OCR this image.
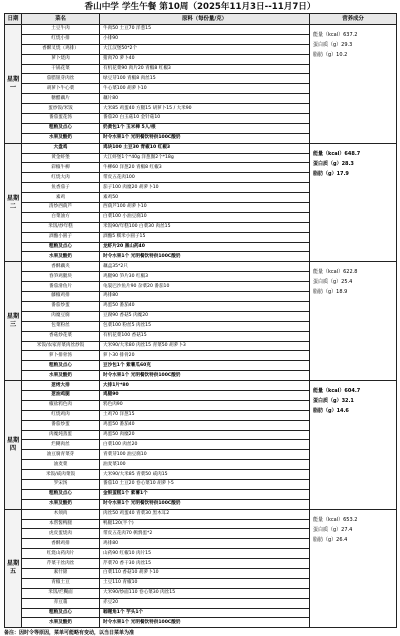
香山中学 学生午餐 第10周（2025年11月3日--11月7日）
日期	菜名	原料（每份量/克）	营养成分
星期一	土豆牛肉	牛肉50 土豆70 洋葱15	能量（kcal）637.2
蛋白质（g）29.3
脂肪（g）10.2

	红烧小排	小排90	
	香酥叉烧（鸡排）	大江汉堡50*2个	
	萝卜烧肉	猪肉70 萝卜40	
	干锅花菜	有机花菜90 肉片20 青椒8 红椒3	
	茄腊银芽肉丝	绿豆芽100 青椒8 肉丝15	
	胡萝卜牛心菜	牛心菜100 胡萝卜10	
	糖醋藕片	藕片80	
	蛋炒饭/米饭	大米85 鸡蛋40 方腿15 胡萝卜15 / 大米90	
	番茄蛋花汤	番茄20 白玉菇10 金针菇10	
	粗粮及点心	奶黄包1个 玉米棒 5人/根	
	水果及酸奶	时令水果1个 光明餐饮特供100C酸奶	
星期二	大盘鸡	鸡块100 土豆30 青椒10 红椒3	能量（kcal）648.7
蛋白质（g）28.3
脂肪（g）17.9

	黄金虾堡	大江虾堡1个*40g 洋葱圈2个*18g	
	彩椒牛柳	牛柳60 洋葱20 青椒8 红椒3	
	红烧大肉	带皮五花肉100	
	鱼香茄子	茄子100 肉糜20 胡萝卜10	
	素鸡	素鸡50	
	清炒西葫芦	西葫芦100 胡萝卜10	
	白菜油方	白菜100 小油豆腐10	
	米饭/炒年糕	米饭90/年糕100 白菜30 肉丝15	
	酒酿小圆子	酒酿5 糯米小圆子15	
	粗粮及点心	龙虾片20 黑山药40	
	水果及酸奶	时令水果1个 光明餐饮特供100C酸奶	
星期三	香酥藕夹	藕盒35*2只	能量（kcal）622.8
蛋白质（g）25.4
脂肪（g）18.9

	春笋鸡腿块	鸡腿90 笋片30 红椒3	
	番茄滑鱼片	龟裂巴沙鱼片90 杂菜20 番茄10	
	藤椒鸡排	鸡排80	
	番茄炒蛋	鸡蛋50 番茄40	
	肉糜豆腐	豆腐90 香菇5 肉糜20	
	包菜粉丝	包菜100 粉丝5 肉丝15	
	香菇炒花菜	有机花菜100 香菇15	
	米饭/农家青菜肉丝炒饭	大米90/大米80 肉丝15 青菜50 胡萝卜3	
	萝卜排骨汤	萝卜30 排骨20	
	粗粮及点心	豆沙包1个 紫薯瓜60克	
	水果及酸奶	时令水果1个 光明餐饮特供100C酸奶	
星期四	葱烤大排	大排1片*80	能量（kcal）604.7
蛋白质（g）32.1
脂肪（g）14.6

	葱油鸡腿	鸡腿90	
	椒盐鸦色肉	鸦色肉90	
	红烧鸡肉	土鸡70 洋葱15	
	番茄炒蛋	鸡蛋50 番茄40	
	肉糜炖蒸蛋	鸡蛋50 肉糜20	
	烂糊肉丝	白菜100 肉丝20	
	油豆腐青菜芽	青菜芽100 油豆腐10	
	油麦菜	油麦菜100	
	米饭/咸肉菜饭	大米90/大米85 青菜50 咸肉15	
	罗宋汤	番茄10 土豆20 卷心菜10 胡萝卜5	
	粗粮及点心	金银蛋糕1个 紫薯1个	
	水果及酸奶	时令水果1个 光明餐饮特供100C酸奶	
星期五	木须肉	肉丝50 鸡蛋40 青菜30 黑木耳2	能量（kcal）653.2
蛋白质（g）27.4
脂肪（g）26.4

	本帮酱鸭腿	鸭腿120(半个)	
	虎皮蛋烧肉	带皮五花肉70 鹌鹑蛋*2	
	香酥鸡排	鸡排80	
	红烧山药肉片	山药90 红椒10 肉片15	
	芹菜干丝肉丝	芹菜70 香干30 肉丝15	
	素什锦	白菜110 香菇10 胡萝卜10	
	青椒土豆	土豆110 青椒10	
	米饭/烂糊面	大米90/炒面110 卷心菜30 肉丝15	
	赤豆羹	赤豆20	
	粗粮及点心	咖喱角1个 芋头1个	
	水果及酸奶	时令水果1个 光明餐饮特供100C酸奶	
备注：因时令等原因，菜单可能略有变动，以当日菜单为准
